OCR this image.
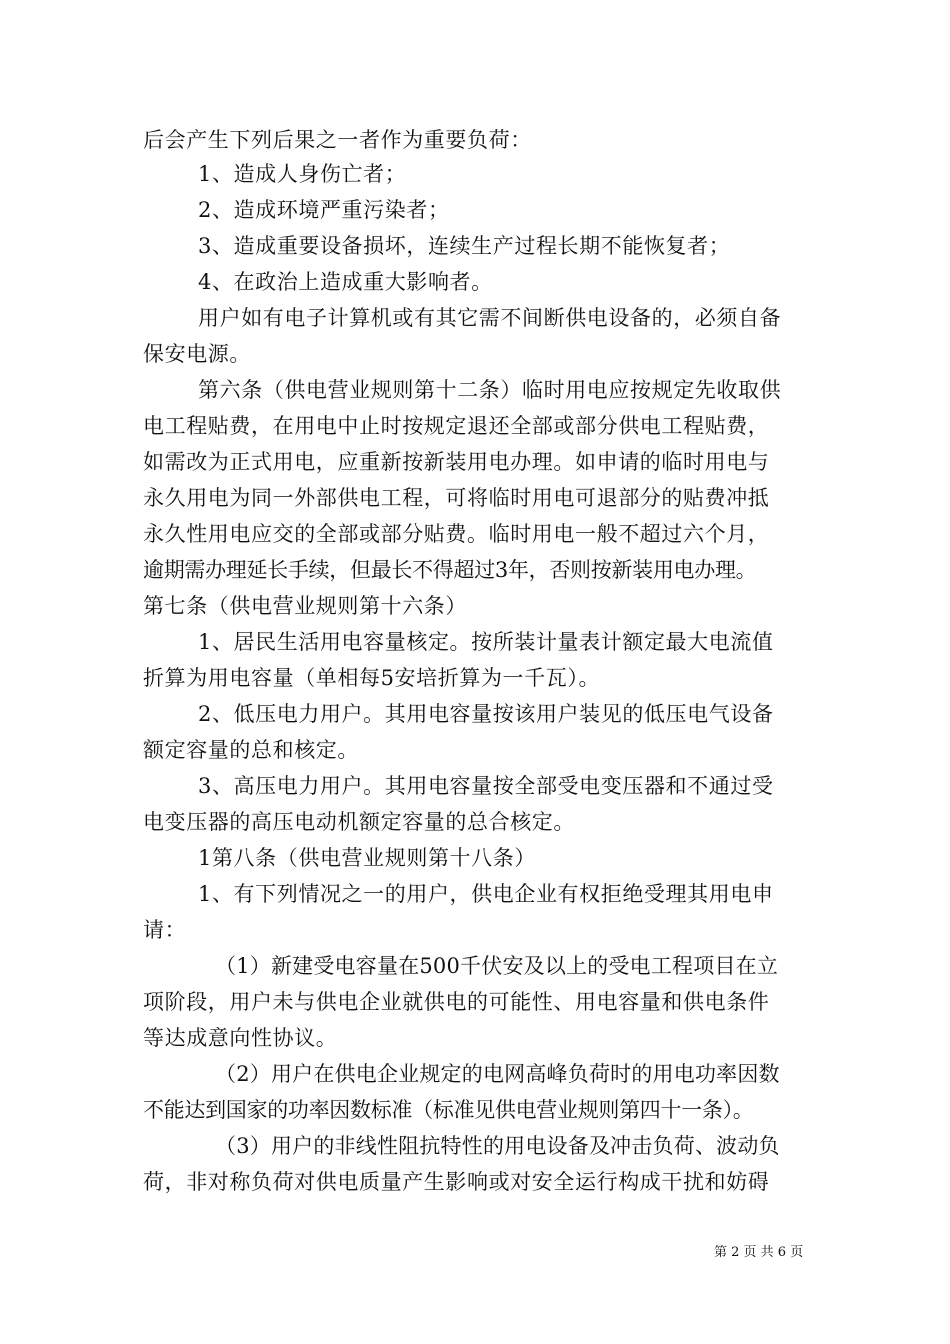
后会产生下列后果之一者作为重要负荷：
1、造成人身伤亡者；
2、造成环境严重污染者；
3、造成重要设备损坏，连续生产过程长期不能恢复者；
4、在政治上造成重大影响者。
用户如有电子计算机或有其它需不间断供电设备的，必须自备
保安电源。
第六条（供电营业规则第十二条）临时用电应按规定先收取供
电工程贴费，在用电中止时按规定退还全部或部分供电工程贴费，
如需改为正式用电，应重新按新装用电办理。如申请的临时用电与
永久用电为同一外部供电工程，可将临时用电可退部分的贴费冲抵
永久性用电应交的全部或部分贴费。临时用电一般不超过六个月，
逾期需办理延长手续，但最长不得超过3年，否则按新装用电办理。
第七条（供电营业规则第十六条）
1、居民生活用电容量核定。按所装计量表计额定最大电流值
折算为用电容量（单相每5安培折算为一千瓦）。
2、低压电力用户。其用电容量按该用户装见的低压电气设备
额定容量的总和核定。
3、高压电力用户。其用电容量按全部受电变压器和不通过受
电变压器的高压电动机额定容量的总合核定。
1第八条（供电营业规则第十八条）
1、有下列情况之一的用户，供电企业有权拒绝受理其用电申
请：
（1）新建受电容量在500千伏安及以上的受电工程项目在立
项阶段，用户未与供电企业就供电的可能性、用电容量和供电条件
等达成意向性协议。
（2）用户在供电企业规定的电网高峰负荷时的用电功率因数
不能达到国家的功率因数标准（标准见供电营业规则第四十一条）。
（3）用户的非线性阻抗特性的用电设备及冲击负荷、波动负
荷，非对称负荷对供电质量产生影响或对安全运行构成干扰和妨碍
第 2 页 共 6 页
